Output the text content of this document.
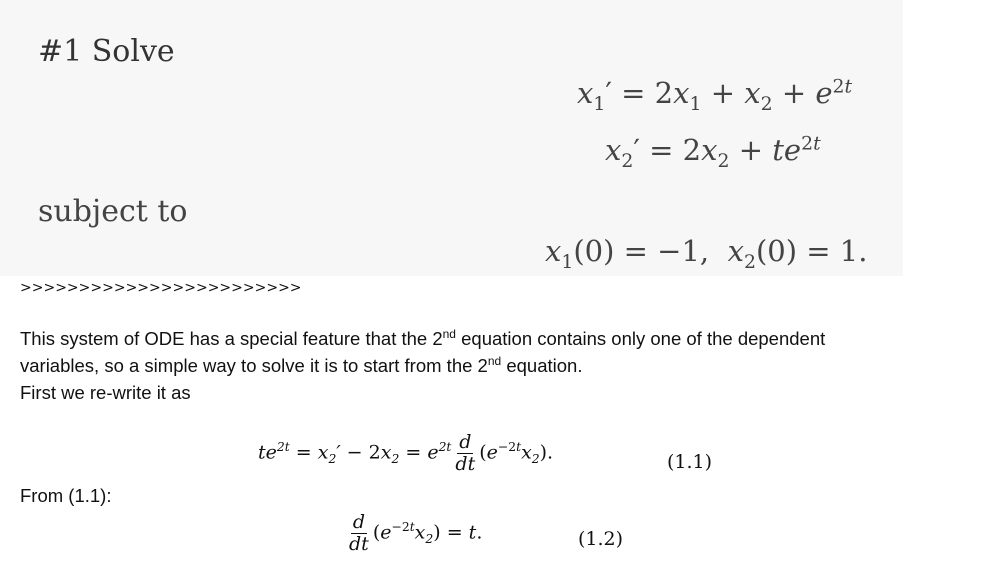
#1 Solve
$x_1' = 2x_1 + x_2 + e^{2t}$
$x_2' = 2x_2 + te^{2t}$
subject to
$x_1(0) = -1$,  $x_2(0) = 1$.
>>>>>>>>>>>>>>>>>>>>>>>>
This system of ODE has a special feature that the 2nd equation contains only one of the dependent
variables, so a simple way to solve it is to start from the 2nd equation.
First we re-write it as
$te^{2t} = x_2' - 2x_2 = e^{2t} \frac{d}{dt} (e^{-2t}x_2)$.	(1.1)
From (1.1):
$\frac{d}{dt} (e^{-2t}x_2) = t$.	(1.2)
